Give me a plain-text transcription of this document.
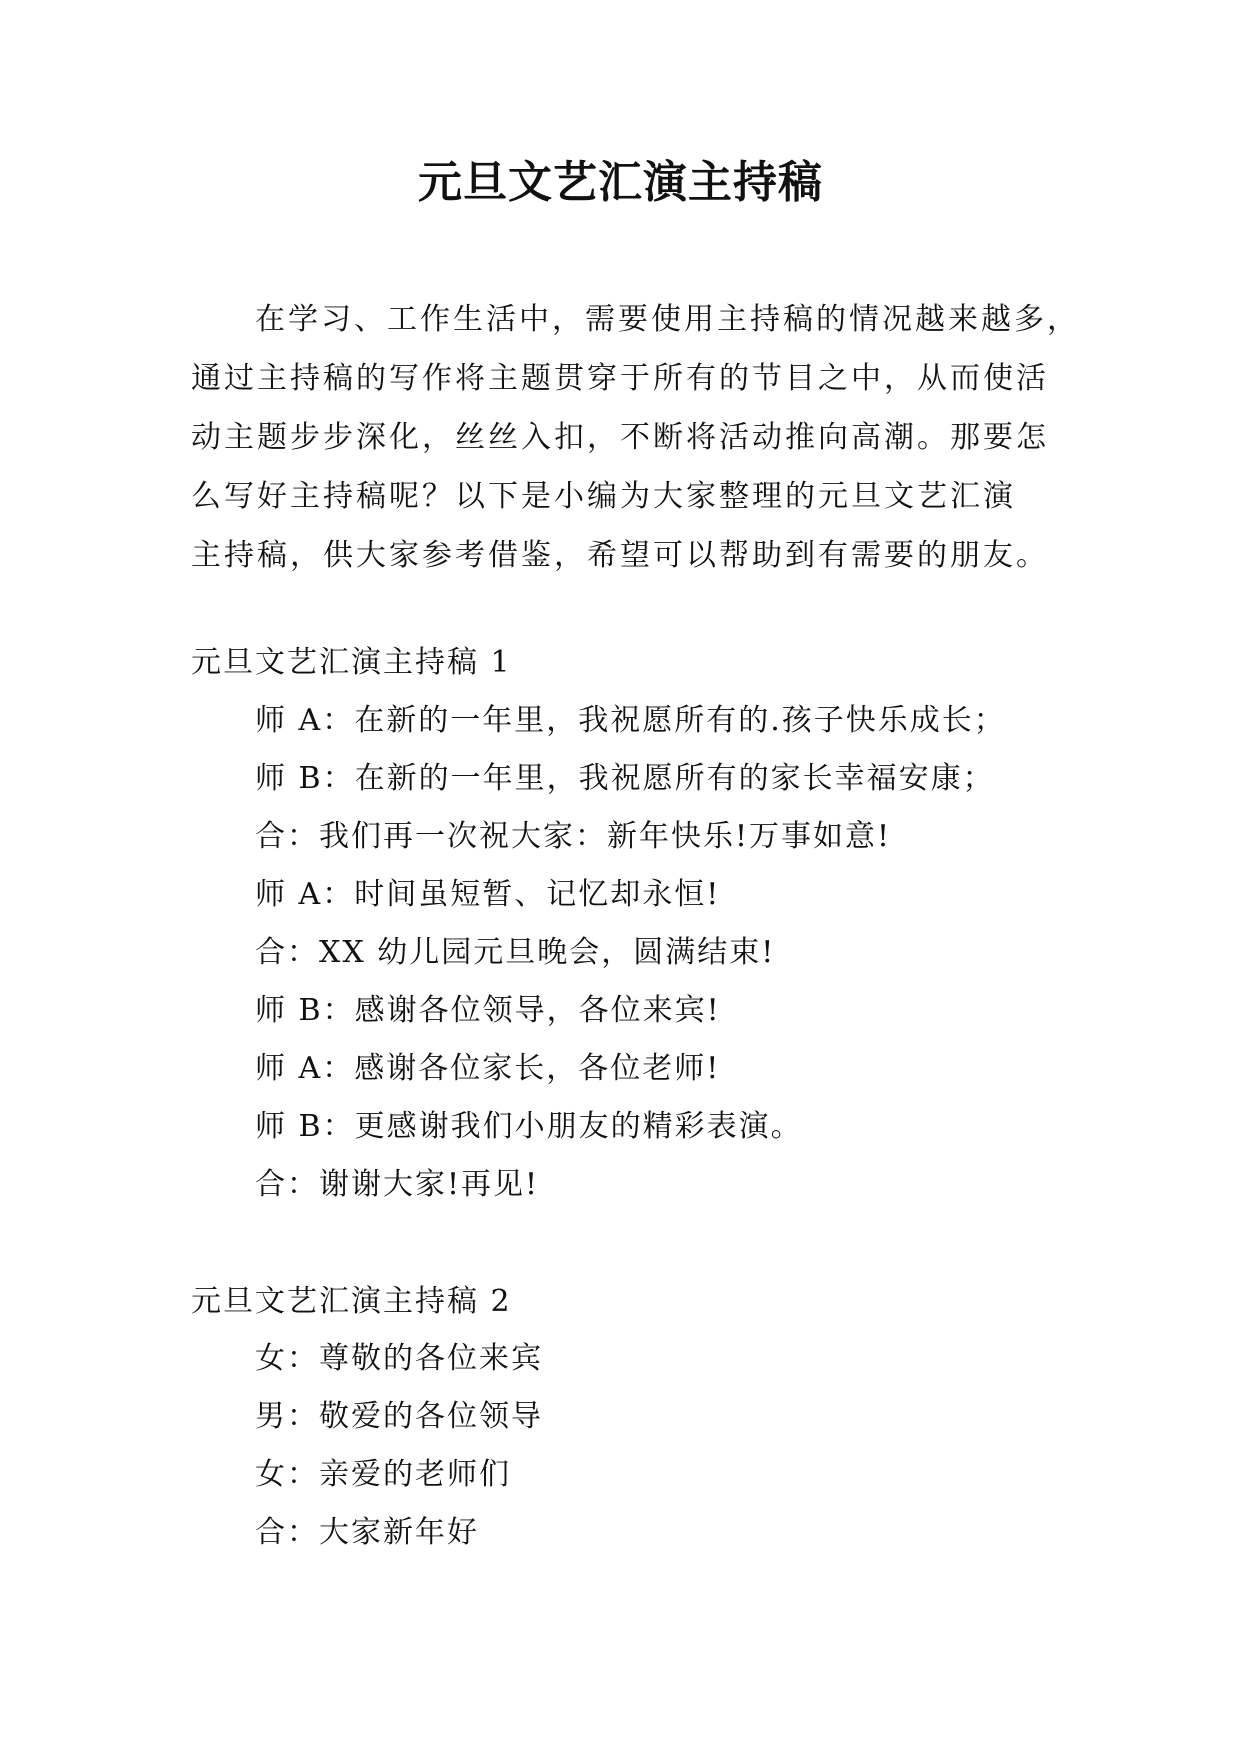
元旦文艺汇演主持稿
在学习、工作生活中，需要使用主持稿的情况越来越多，
通过主持稿的写作将主题贯穿于所有的节目之中，从而使活
动主题步步深化，丝丝入扣，不断将活动推向高潮。那要怎
么写好主持稿呢？以下是小编为大家整理的元旦文艺汇演
主持稿，供大家参考借鉴，希望可以帮助到有需要的朋友。
元旦文艺汇演主持稿 1
师 A：在新的一年里，我祝愿所有的.孩子快乐成长；
师 B：在新的一年里，我祝愿所有的家长幸福安康；
合：我们再一次祝大家：新年快乐!万事如意!
师 A：时间虽短暂、记忆却永恒!
合：XX 幼儿园元旦晚会，圆满结束!
师 B：感谢各位领导，各位来宾!
师 A：感谢各位家长，各位老师!
师 B：更感谢我们小朋友的精彩表演。
合：谢谢大家!再见!
元旦文艺汇演主持稿 2
女：尊敬的各位来宾
男：敬爱的各位领导
女：亲爱的老师们
合：大家新年好
